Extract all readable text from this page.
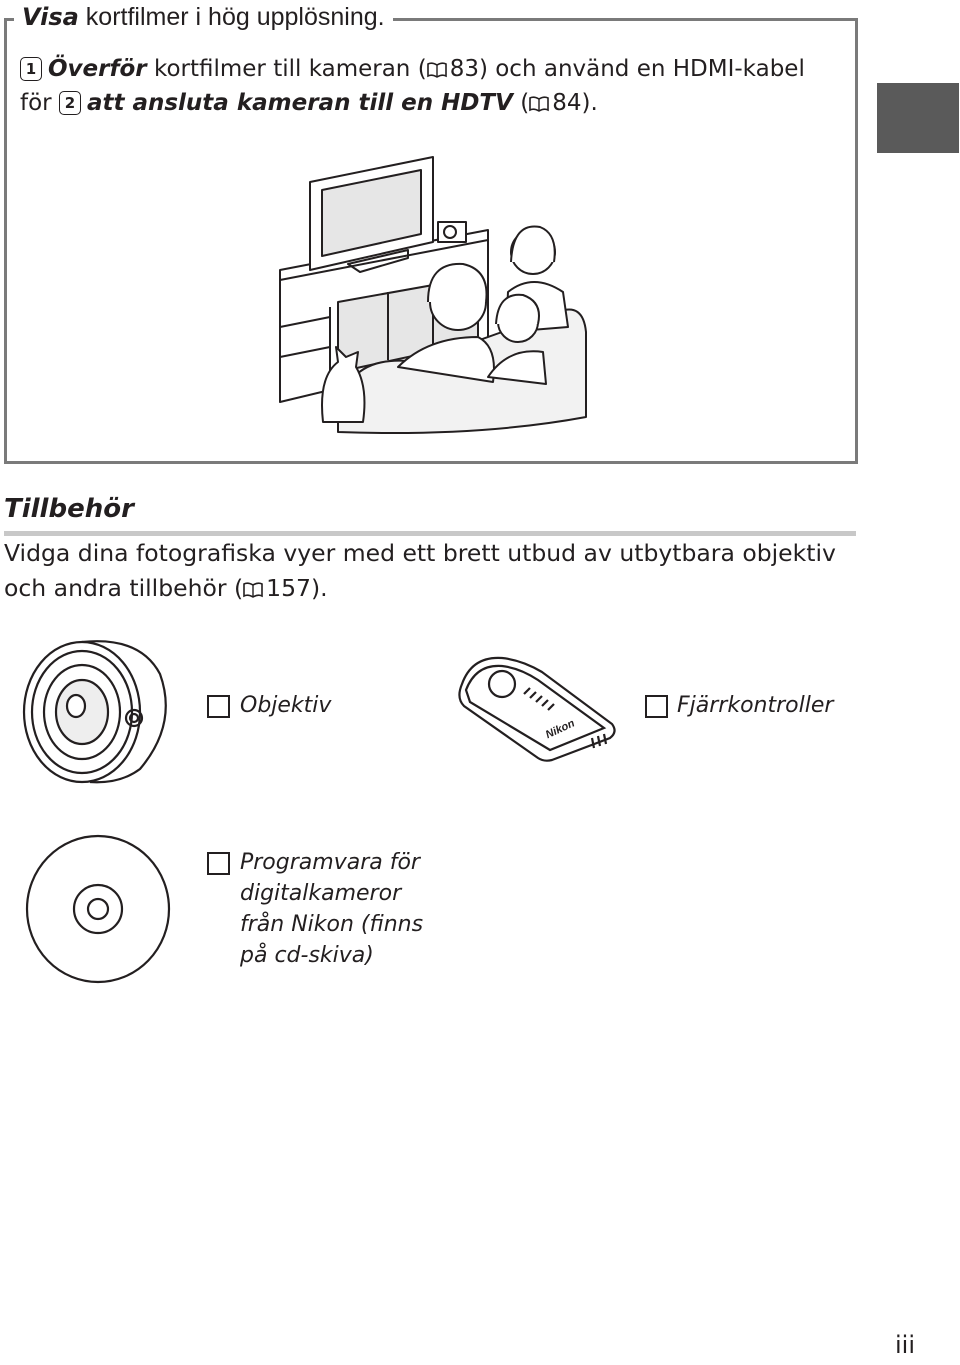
Visa kortfilmer i hög upplösning.
1 Överför kortfilmer till kameran ( 83) och använd en HDMI-kabel för 2 att ansluta kameran till en HDTV ( 84).
Tillbehör
Vidga dina fotografiska vyer med ett brett utbud av utbytbara objektiv och andra tillbehör ( 157).
Objektiv
Nikon
Fjärrkontroller
Programvara för
digitalkameror
från Nikon (finns
på cd-skiva)
iii
